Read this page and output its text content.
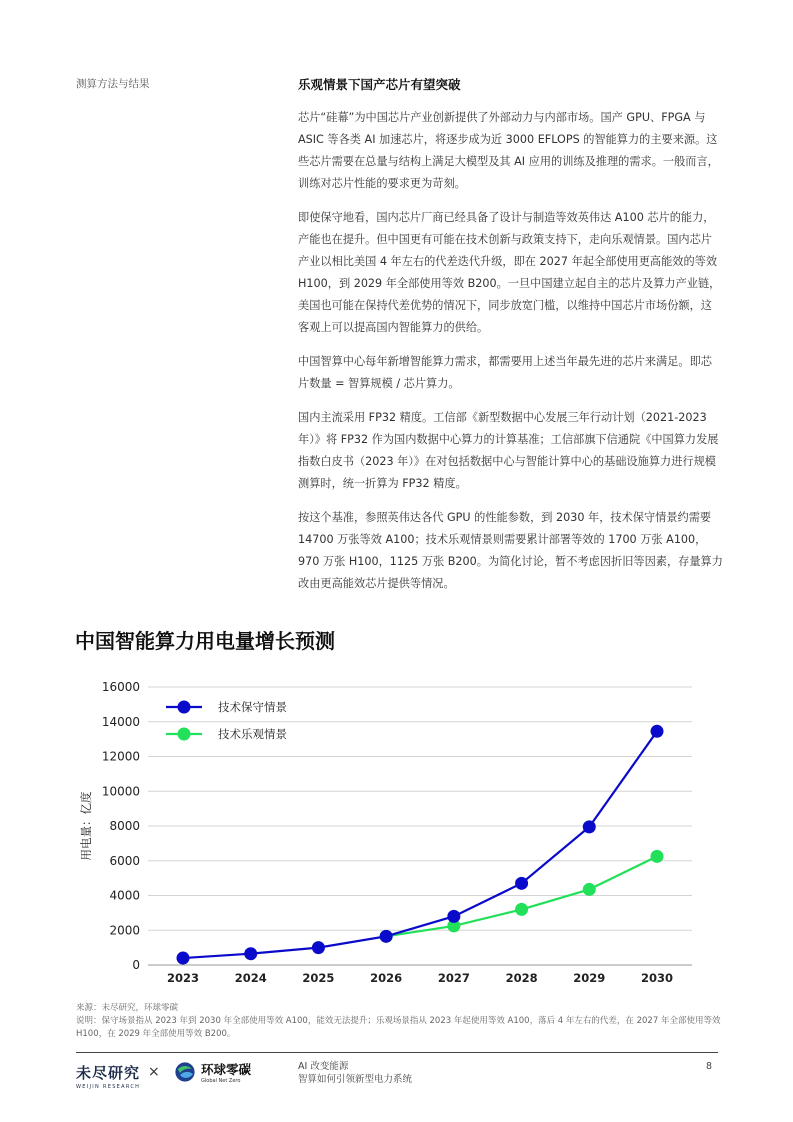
测算方法与结果	乐观情景下国产芯片有望突破

芯片“硅幕”为中国芯片产业创新提供了外部动力与内部市场。国产 GPU、FPGA 与 ASIC 等各类 AI 加速芯片，将逐步成为近 3000 EFLOPS 的智能算力的主要来源。这些芯片需要在总量与结构上满足大模型及其 AI 应用的训练及推理的需求。一般而言，训练对芯片性能的要求更为苛刻。

即使保守地看，国内芯片厂商已经具备了设计与制造等效英伟达 A100 芯片的能力，产能也在提升。但中国更有可能在技术创新与政策支持下，走向乐观情景。国内芯片产业以相比美国 4 年左右的代差迭代升级，即在 2027 年起全部使用更高能效的等效 H100，到 2029 年全部使用等效 B200。一旦中国建立起自主的芯片及算力产业链，美国也可能在保持代差优势的情况下，同步放宽门槛，以维持中国芯片市场份额，这客观上可以提高国内智能算力的供给。

中国智算中心每年新增智能算力需求，都需要用上述当年最先进的芯片来满足。即芯片数量 = 智算规模 / 芯片算力。

国内主流采用 FP32 精度。工信部《新型数据中心发展三年行动计划（2021-2023 年）》将 FP32 作为国内数据中心算力的计算基准；工信部旗下信通院《中国算力发展指数白皮书（2023 年）》在对包括数据中心与智能计算中心的基础设施算力进行规模测算时，统一折算为 FP32 精度。

按这个基准，参照英伟达各代 GPU 的性能参数，到 2030 年，技术保守情景约需要 14700 万张等效 A100；技术乐观情景则需要累计部署等效的 1700 万张 A100，970 万张 H100，1125 万张 B200。为简化讨论，暂不考虑因折旧等因素，存量算力改由更高能效芯片提供等情况。

中国智能算力用电量增长预测
0
2000
4000
6000
8000
10000
12000
14000
16000
2023	2024	2025	2026	2027	2028	2029	2030
用电量：亿度
技术保守情景
技术乐观情景
来源：未尽研究，环球零碳
说明：保守场景指从 2023 年到 2030 年全部使用等效 A100，能效无法提升；乐观场景指从 2023 年起使用等效 A100，落后 4 年左右的代差，在 2027 年全部使用等效 H100，在 2029 年全部使用等效 B200。
未尽研究
WEIJIN RESEARCH
×	环球零碳
Global Net Zero
AI 改变能源
智算如何引领新型电力系统
8
